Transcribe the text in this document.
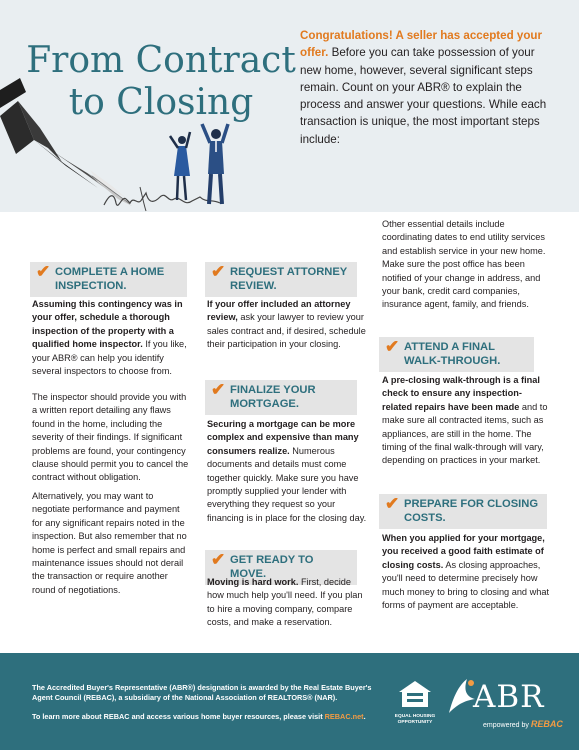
From Contract
to Closing

Congratulations! A seller has accepted your offer. Before you can take possession of your new home, however, several significant steps remain. Count on your ABR® to explain the process and answer your questions. While each transaction is unique, the most important steps include:

✔ COMPLETE A HOME
INSPECTION.

Assuming this contingency was in your offer, schedule a thorough inspection of the property with a qualified home inspector. If you like, your ABR® can help you identify several inspectors to choose from.

The inspector should provide you with a written report detailing any flaws found in the home, including the severity of their findings. If significant problems are found, your contingency clause should permit you to cancel the contract without obligation.

Alternatively, you may want to negotiate performance and payment for any significant repairs noted in the inspection. But also remember that no home is perfect and small repairs and maintenance issues should not derail the transaction or require another round of negotiations.

✔ REQUEST ATTORNEY
REVIEW.

If your offer included an attorney review, ask your lawyer to review your sales contract and, if desired, schedule their participation in your closing.

✔ FINALIZE YOUR
MORTGAGE.

Securing a mortgage can be more complex and expensive than many consumers realize. Numerous documents and details must come together quickly. Make sure you have promptly supplied your lender with everything they request so your financing is in place for the closing day.

✔ GET READY TO MOVE.

Moving is hard work. First, decide how much help you'll need. If you plan to hire a moving company, compare costs, and make a reservation.

Other essential details include coordinating dates to end utility services and establish service in your new home. Make sure the post office has been notified of your change in address, and your bank, credit card companies, insurance agent, family, and friends.

✔ ATTEND A FINAL
WALK-THROUGH.

A pre-closing walk-through is a final check to ensure any inspection-related repairs have been made and to make sure all contracted items, such as appliances, are still in the home. The timing of the final walk-through will vary, depending on practices in your market.

✔ PREPARE FOR CLOSING
COSTS.

When you applied for your mortgage, you received a good faith estimate of closing costs. As closing approaches, you'll need to determine precisely how much money to bring to closing and what forms of payment are acceptable.

The Accredited Buyer's Representative (ABR®) designation is awarded by the Real Estate Buyer's Agent Council (REBAC), a subsidiary of the National Association of REALTORS® (NAR).
To learn more about REBAC and access various home buyer resources, please visit REBAC.net.	EQUAL HOUSING
OPPORTUNITY
ABR
empowered by REBAC
